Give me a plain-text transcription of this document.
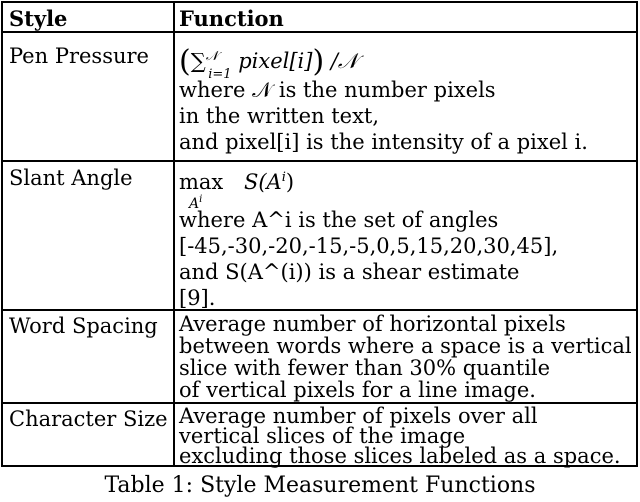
Style	Function
Pen Pressure (∑$^𝒩_{i=1}$ pixel[i]) /𝒩
where 𝒩 is the number pixels
in the written text,
and pixel[i] is the intensity of a pixel i.
Slant Angle $\max S(A^i)$
$A^i$
where A^i is the set of angles
[-45,-30,-20,-15,-5,0,5,15,20,30,45],
and S(A^(i)) is a shear estimate
[9].
Word Spacing Average number of horizontal pixels
between words where a space is a vertical
slice with fewer than 30% quantile
of vertical pixels for a line image.
Character Size Average number of pixels over all
vertical slices of the image
excluding those slices labeled as a space.
Table 1: Style Measurement Functions
